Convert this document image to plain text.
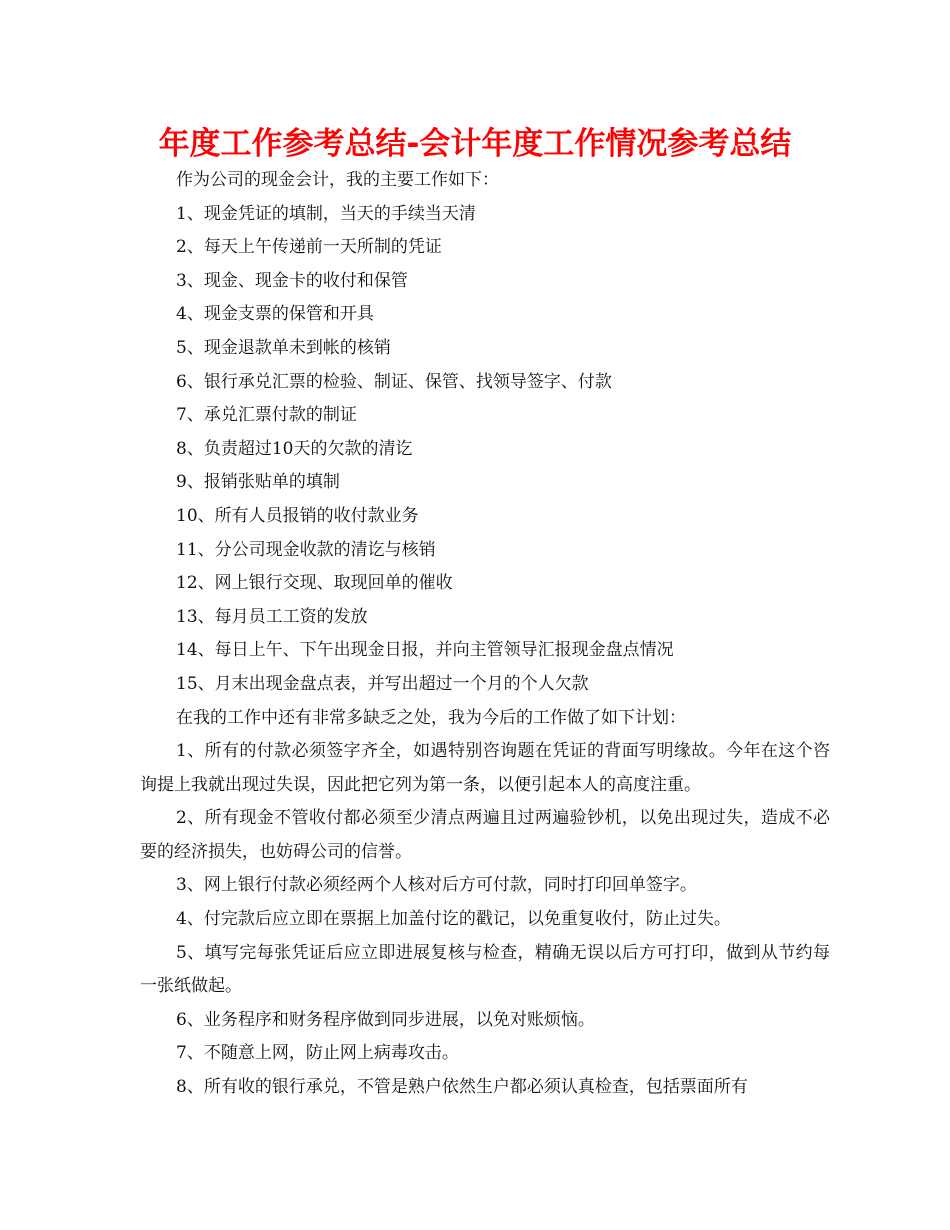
年度工作参考总结-会计年度工作情况参考总结

作为公司的现金会计，我的主要工作如下：

1、现金凭证的填制，当天的手续当天清

2、每天上午传递前一天所制的凭证

3、现金、现金卡的收付和保管

4、现金支票的保管和开具

5、现金退款单未到帐的核销

6、银行承兑汇票的检验、制证、保管、找领导签字、付款

7、承兑汇票付款的制证

8、负责超过10天的欠款的清讫

9、报销张贴单的填制

10、所有人员报销的收付款业务

11、分公司现金收款的清讫与核销

12、网上银行交现、取现回单的催收

13、每月员工工资的发放

14、每日上午、下午出现金日报，并向主管领导汇报现金盘点情况

15、月末出现金盘点表，并写出超过一个月的个人欠款

在我的工作中还有非常多缺乏之处，我为今后的工作做了如下计划：

1、所有的付款必须签字齐全，如遇特别咨询题在凭证的背面写明缘故。今年在这个咨询提上我就出现过失误，因此把它列为第一条，以便引起本人的高度注重。

2、所有现金不管收付都必须至少清点两遍且过两遍验钞机，以免出现过失，造成不必要的经济损失，也妨碍公司的信誉。

3、网上银行付款必须经两个人核对后方可付款，同时打印回单签字。

4、付完款后应立即在票据上加盖付讫的戳记，以免重复收付，防止过失。

5、填写完每张凭证后应立即进展复核与检查，精确无误以后方可打印，做到从节约每一张纸做起。

6、业务程序和财务程序做到同步进展，以免对账烦恼。

7、不随意上网，防止网上病毒攻击。

8、所有收的银行承兑，不管是熟户依然生户都必须认真检查，包括票面所有
